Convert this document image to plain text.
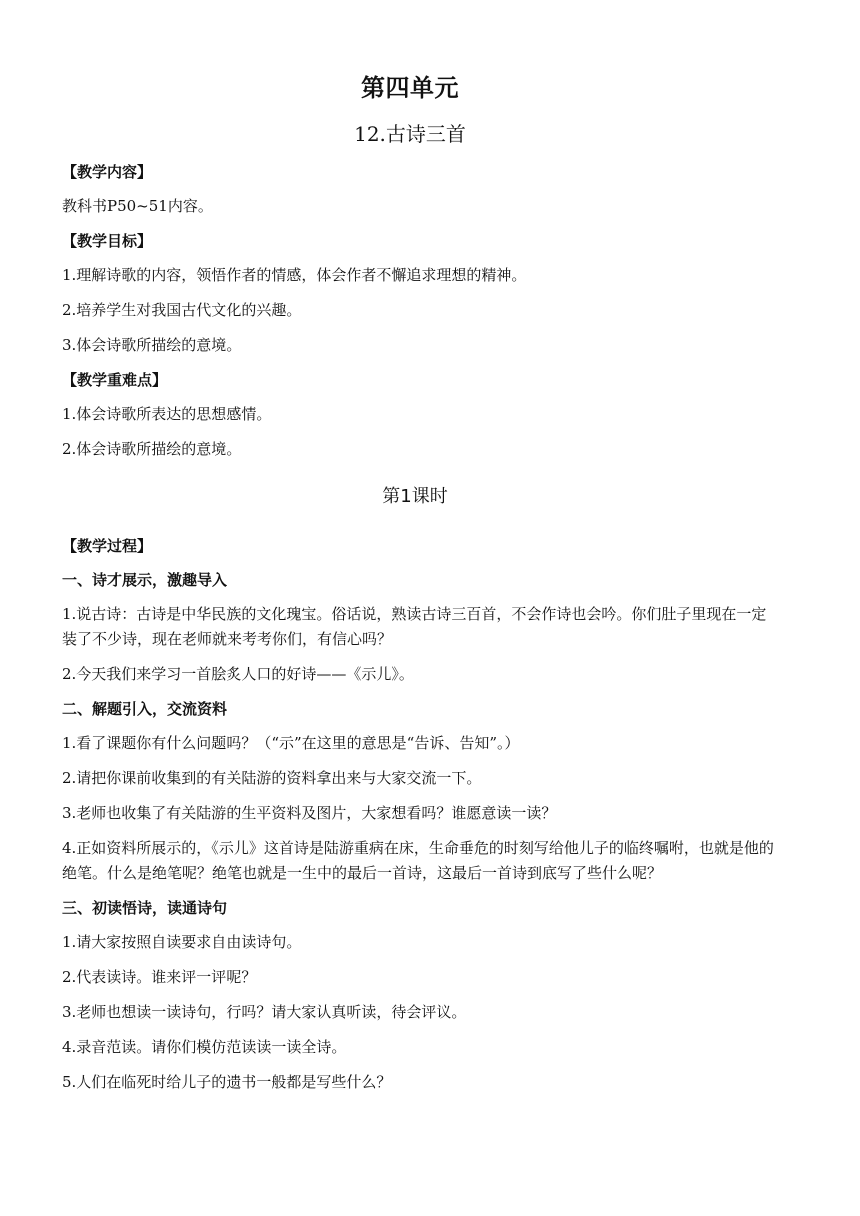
第四单元
12.古诗三首

【教学内容】

教科书P50~51内容。

【教学目标】

1.理解诗歌的内容，领悟作者的情感，体会作者不懈追求理想的精神。

2.培养学生对我国古代文化的兴趣。

3.体会诗歌所描绘的意境。

【教学重难点】

1.体会诗歌所表达的思想感情。

2.体会诗歌所描绘的意境。

第1课时

【教学过程】

一、诗才展示，激趣导入

1.说古诗：古诗是中华民族的文化瑰宝。俗话说，熟读古诗三百首，不会作诗也会吟。你们肚子里现在一定装了不少诗，现在老师就来考考你们，有信心吗？

2.今天我们来学习一首脍炙人口的好诗——《示儿》。

二、解题引入，交流资料

1.看了课题你有什么问题吗？（“示”在这里的意思是“告诉、告知”。）

2.请把你课前收集到的有关陆游的资料拿出来与大家交流一下。

3.老师也收集了有关陆游的生平资料及图片，大家想看吗？谁愿意读一读？

4.正如资料所展示的，《示儿》这首诗是陆游重病在床，生命垂危的时刻写给他儿子的临终嘱咐，也就是他的绝笔。什么是绝笔呢？绝笔也就是一生中的最后一首诗，这最后一首诗到底写了些什么呢？

三、初读悟诗，读通诗句

1.请大家按照自读要求自由读诗句。

2.代表读诗。谁来评一评呢？

3.老师也想读一读诗句，行吗？请大家认真听读，待会评议。

4.录音范读。请你们模仿范读读一读全诗。

5.人们在临死时给儿子的遗书一般都是写些什么？
